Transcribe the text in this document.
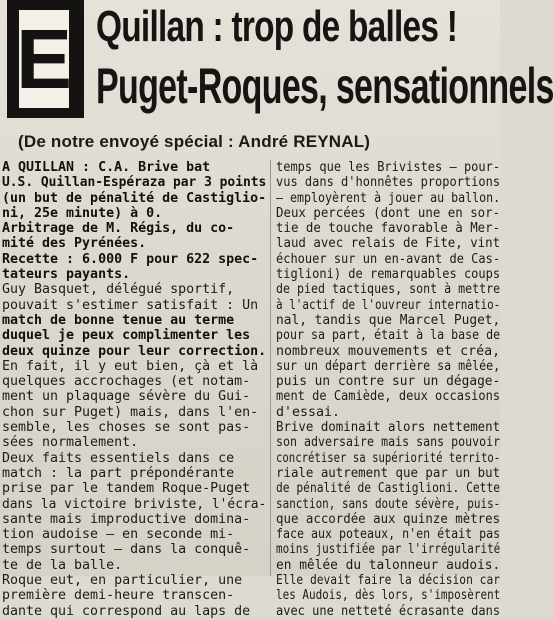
E Quillan : trop de balles !
Puget-Roques, sensationnels
(De notre envoyé spécial : André REYNAL)
A QUILLAN : C.A. Brive bat
U.S. Quillan-Espéraza par 3 points
(un but de pénalité de Castiglio-
ni, 25e minute) à 0.
Arbitrage de M. Régis, du co-
mité des Pyrénées.
Recette : 6.000 F pour 622 spec-
tateurs payants.
Guy Basquet, délégué sportif,
pouvait s'estimer satisfait : Un
match de bonne tenue au terme
duquel je peux complimenter les
deux quinze pour leur correction.
En fait, il y eut bien, çà et là
quelques accrochages (et notam-
ment un plaquage sévère du Gui-
chon sur Puget) mais, dans l'en-
semble, les choses se sont pas-
sées normalement.
Deux faits essentiels dans ce
match : la part prépondérante
prise par le tandem Roque-Puget
dans la victoire briviste, l'écra-
sante mais improductive domina-
tion audoise — en seconde mi-
temps surtout — dans la conquê-
te de la balle.
Roque eut, en particulier, une
première demi-heure transcen-
dante qui correspond au laps de
temps que les Brivistes — pour-
vus dans d'honnêtes proportions
— employèrent à jouer au ballon.
Deux percées (dont une en sor-
tie de touche favorable à Mer-
laud avec relais de Fite, vint
échouer sur un en-avant de Cas-
tiglioni) de remarquables coups
de pied tactiques, sont à mettre
à l'actif de l'ouvreur internatio-
nal, tandis que Marcel Puget,
pour sa part, était à la base de
nombreux mouvements et créa,
sur un départ derrière sa mêlée,
puis un contre sur un dégage-
ment de Camiède, deux occasions
d'essai.
Brive dominait alors nettement
son adversaire mais sans pouvoir
concrétiser sa supériorité territo-
riale autrement que par un but
de pénalité de Castiglioni. Cette
sanction, sans doute sévère, puis-
que accordée aux quinze mètres
face aux poteaux, n'en était pas
moins justifiée par l'irrégularité
en mêlée du talonneur audois.
Elle devait faire la décision car
les Audois, dès lors, s'imposèrent
avec une netteté écrasante dans
